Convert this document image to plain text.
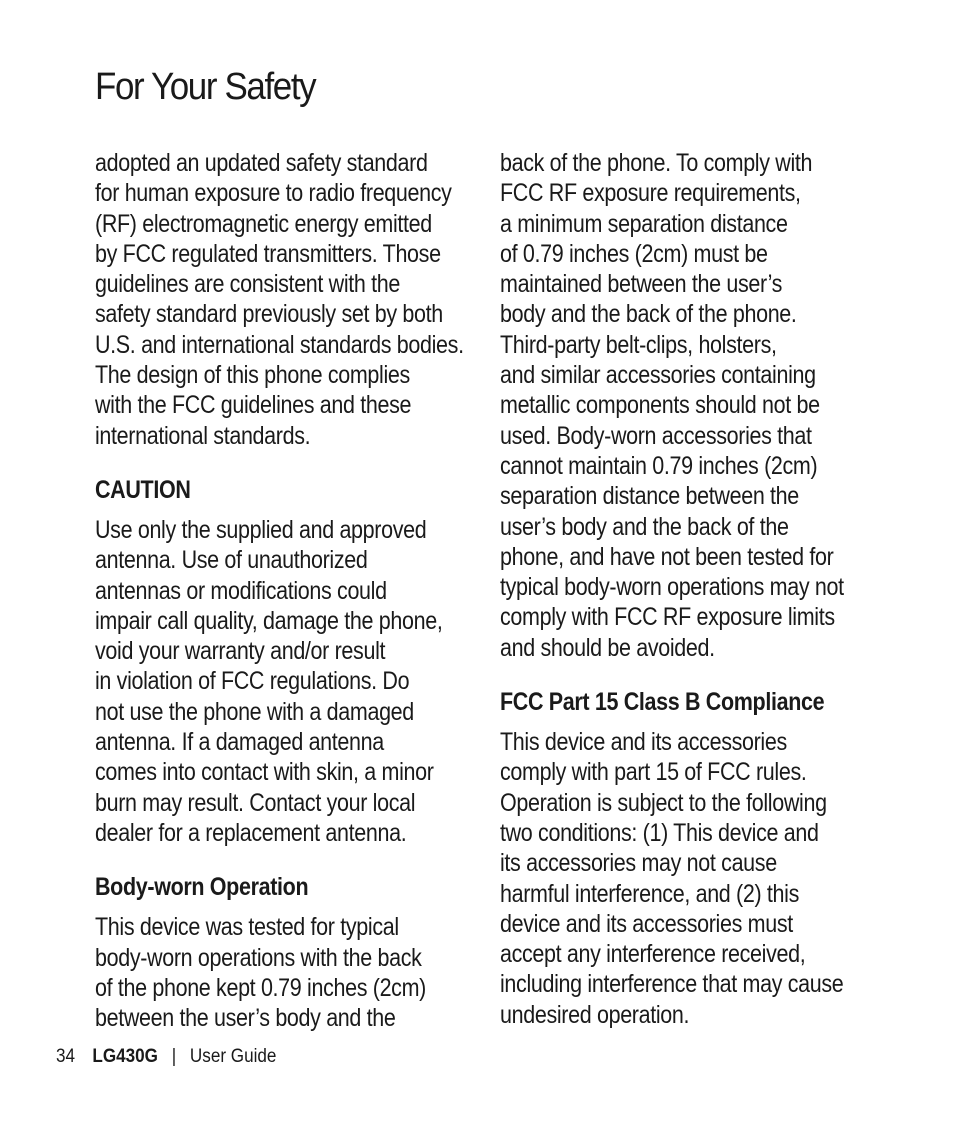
For Your Safety
adopted an updated safety standard
for human exposure to radio frequency
(RF) electromagnetic energy emitted
by FCC regulated transmitters. Those
guidelines are consistent with the
safety standard previously set by both
U.S. and international standards bodies.
The design of this phone complies
with the FCC guidelines and these
international standards.
CAUTION
Use only the supplied and approved
antenna. Use of unauthorized
antennas or modifications could
impair call quality, damage the phone,
void your warranty and/or result
in violation of FCC regulations. Do
not use the phone with a damaged
antenna. If a damaged antenna
comes into contact with skin, a minor
burn may result. Contact your local
dealer for a replacement antenna.
Body-worn Operation
This device was tested for typical
body-worn operations with the back
of the phone kept 0.79 inches (2cm)
between the user’s body and the
back of the phone. To comply with
FCC RF exposure requirements,
a minimum separation distance
of 0.79 inches (2cm) must be
maintained between the user’s
body and the back of the phone.
Third-party belt-clips, holsters,
and similar accessories containing
metallic components should not be
used. Body-worn accessories that
cannot maintain 0.79 inches (2cm)
separation distance between the
user’s body and the back of the
phone, and have not been tested for
typical body-worn operations may not
comply with FCC RF exposure limits
and should be avoided.
FCC Part 15 Class B Compliance
This device and its accessories
comply with part 15 of FCC rules.
Operation is subject to the following
two conditions: (1) This device and
its accessories may not cause
harmful interference, and (2) this
device and its accessories must
accept any interference received,
including interference that may cause
undesired operation.
34 LG430G | User Guide
